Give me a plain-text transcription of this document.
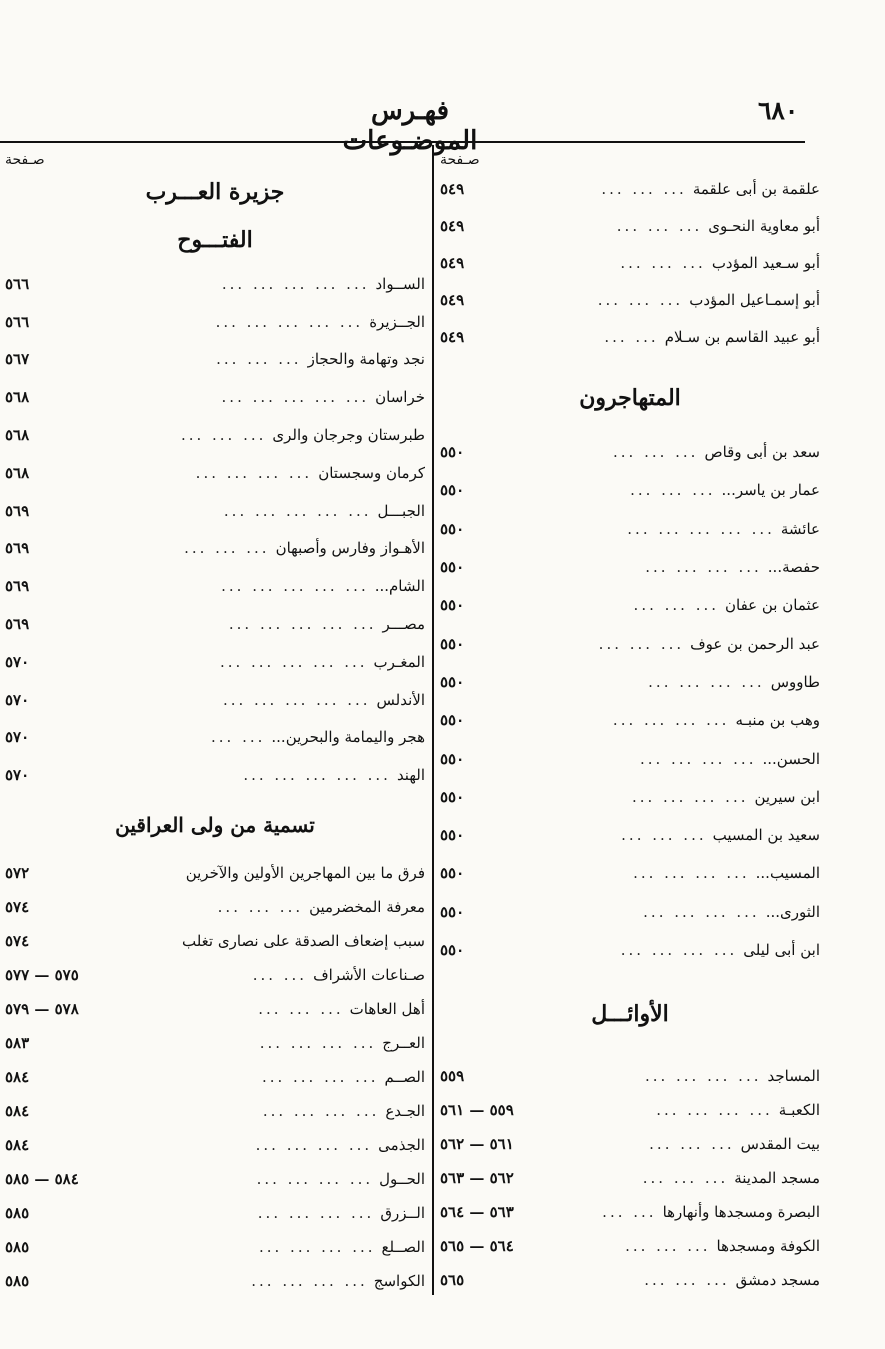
٦٨٠
فهـرس الموضـوعات
صـفحة
علقمة بن أبى علقمة
... ... ...
٥٤٩
أبو معاوية النحـوى
... ... ...
٥٤٩
أبو سـعيد المؤدب
... ... ...
٥٤٩
أبو إسمـاعيل المؤدب
... ... ...
٥٤٩
أبو عبيد القاسم بن سـلام
... ...
٥٤٩
المتهاجرون
سعد بن أبى وقاص
... ... ...
٥٥٠
عمار بن ياسر...
... ... ...
٥٥٠
عائشة
... ... ... ... ...
٥٥٠
حفصة...
... ... ... ...
٥٥٠
عثمان بن عفان
... ... ...
٥٥٠
عبد الرحمن بن عوف
... ... ...
٥٥٠
طاووس
... ... ... ...
٥٥٠
وهب بن منبـه
... ... ... ...
٥٥٠
الحسن...
... ... ... ...
٥٥٠
ابن سيرين
... ... ... ...
٥٥٠
سعيد بن المسيب
... ... ...
٥٥٠
المسيب...
... ... ... ...
٥٥٠
الثورى...
... ... ... ...
٥٥٠
ابن أبى ليلى
... ... ... ...
٥٥٠
الأوائـــل
المساجد
... ... ... ...
٥٥٩
الكعبـة
... ... ... ...
٥٥٩ — ٥٦١
بيت المقدس
... ... ...
٥٦١ — ٥٦٢
مسجد المدينة
... ... ...
٥٦٢ — ٥٦٣
البصرة ومسجدها وأنهارها
... ...
٥٦٣ — ٥٦٤
الكوفة ومسجدها
... ... ...
٥٦٤ — ٥٦٥
مسجد دمشق
... ... ...
٥٦٥
صـفحة
جزيرة العـــرب
الفتـــوح
الســواد
... ... ... ... ...
٥٦٦
الجــزيرة
... ... ... ... ...
٥٦٦
نجد وتهامة والحجاز
... ... ...
٥٦٧
خراسان
... ... ... ... ...
٥٦٨
طبرستان وجرجان والرى
... ... ...
٥٦٨
كرمان وسجستان
... ... ... ...
٥٦٨
الجبـــل
... ... ... ... ...
٥٦٩
الأهـواز وفارس وأصبهان
... ... ...
٥٦٩
الشام...
... ... ... ... ...
٥٦٩
مصـــر
... ... ... ... ...
٥٦٩
المغـرب
... ... ... ... ...
٥٧٠
الأندلس
... ... ... ... ...
٥٧٠
هجر واليمامة والبحرين...
... ...
٥٧٠
الهند
... ... ... ... ...
٥٧٠
تسمية من ولى العراقين
فرق ما بين المهاجرين الأولين والآخرين
٥٧٢
معرفة المخضرمين
... ... ...
٥٧٤
سبب إضعاف الصدقة على نصارى تغلب
٥٧٤
صـناعات الأشراف
... ...
٥٧٥ — ٥٧٧
أهل العاهات
... ... ...
٥٧٨ — ٥٧٩
العــرج
... ... ... ...
٥٨٣
الصــم
... ... ... ...
٥٨٤
الجـدع
... ... ... ...
٥٨٤
الجذمى
... ... ... ...
٥٨٤
الحــول
... ... ... ...
٥٨٤ — ٥٨٥
الــزرق
... ... ... ...
٥٨٥
الصــلع
... ... ... ...
٥٨٥
الكواسج
... ... ... ...
٥٨٥
